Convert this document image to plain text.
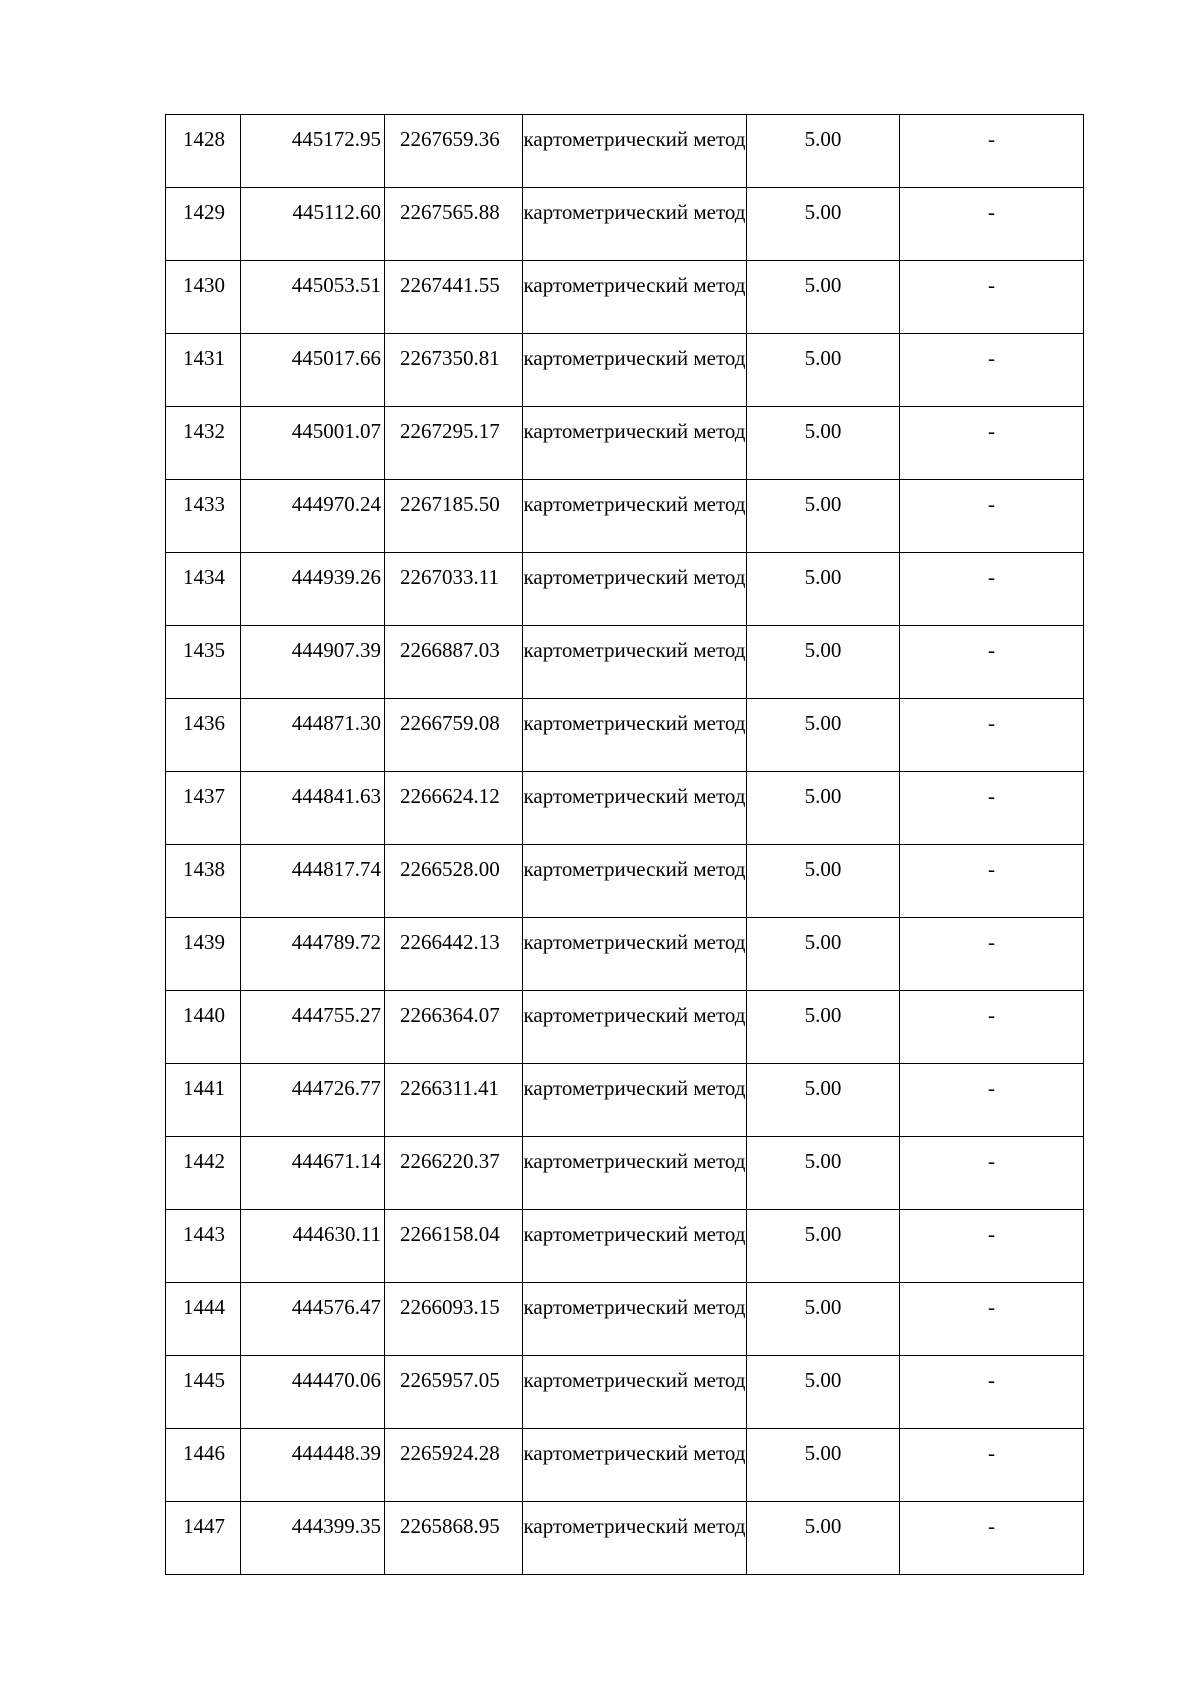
1428	445172.95	2267659.36	картометрический метод	5.00	-
1429	445112.60	2267565.88	картометрический метод	5.00	-
1430	445053.51	2267441.55	картометрический метод	5.00	-
1431	445017.66	2267350.81	картометрический метод	5.00	-
1432	445001.07	2267295.17	картометрический метод	5.00	-
1433	444970.24	2267185.50	картометрический метод	5.00	-
1434	444939.26	2267033.11	картометрический метод	5.00	-
1435	444907.39	2266887.03	картометрический метод	5.00	-
1436	444871.30	2266759.08	картометрический метод	5.00	-
1437	444841.63	2266624.12	картометрический метод	5.00	-
1438	444817.74	2266528.00	картометрический метод	5.00	-
1439	444789.72	2266442.13	картометрический метод	5.00	-
1440	444755.27	2266364.07	картометрический метод	5.00	-
1441	444726.77	2266311.41	картометрический метод	5.00	-
1442	444671.14	2266220.37	картометрический метод	5.00	-
1443	444630.11	2266158.04	картометрический метод	5.00	-
1444	444576.47	2266093.15	картометрический метод	5.00	-
1445	444470.06	2265957.05	картометрический метод	5.00	-
1446	444448.39	2265924.28	картометрический метод	5.00	-
1447	444399.35	2265868.95	картометрический метод	5.00	-
